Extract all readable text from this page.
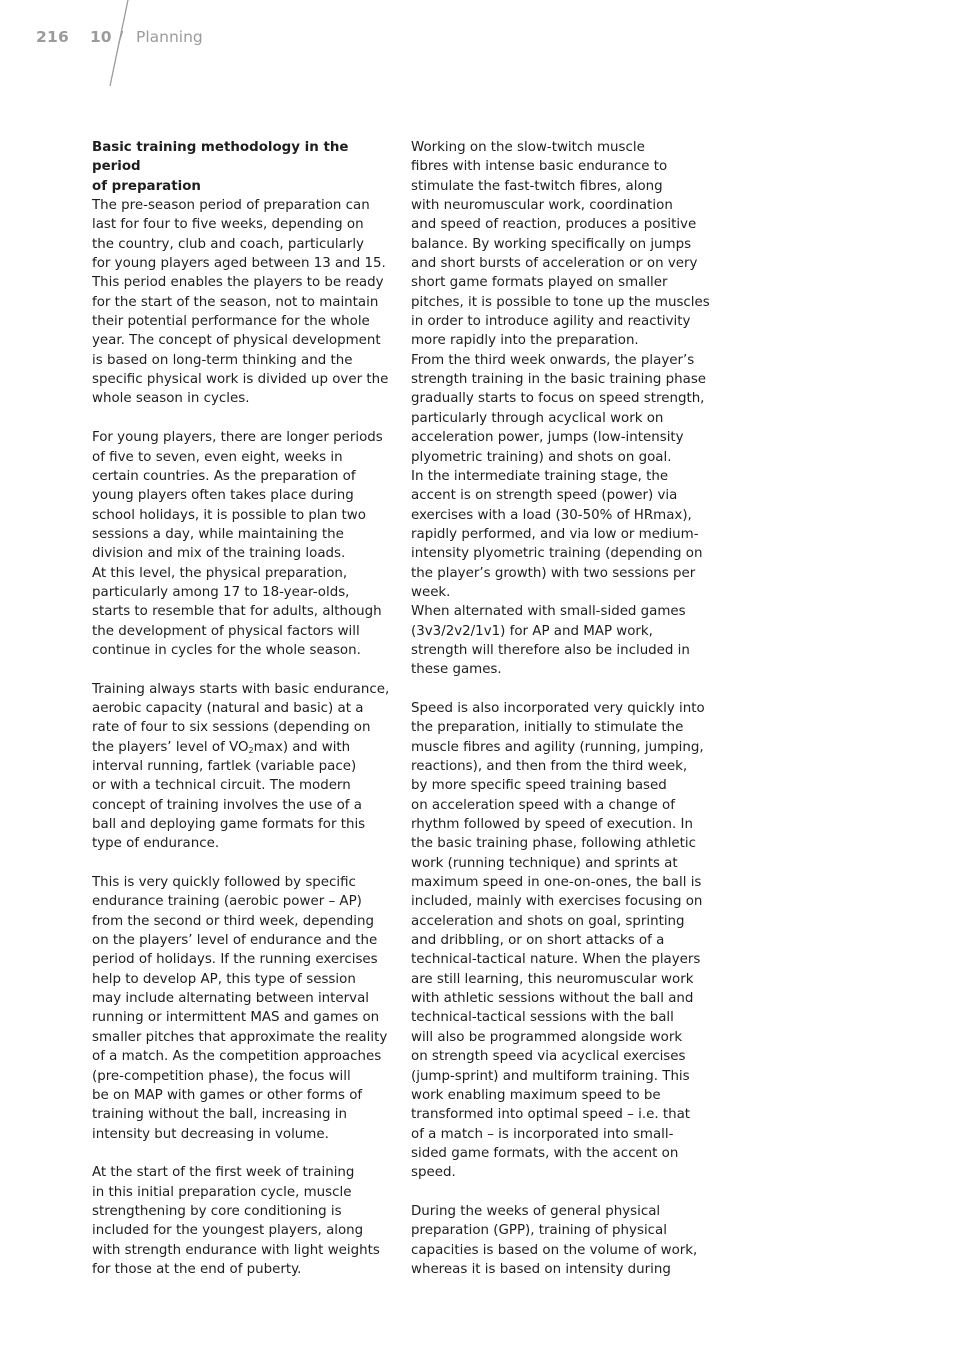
216 10 / Planning

Basic training methodology in the period
of preparation

The pre-season period of preparation can
last for four to five weeks, depending on
the country, club and coach, particularly
for young players aged between 13 and 15.
This period enables the players to be ready
for the start of the season, not to maintain
their potential performance for the whole
year. The concept of physical development
is based on long-term thinking and the
specific physical work is divided up over the
whole season in cycles.

For young players, there are longer periods
of five to seven, even eight, weeks in
certain countries. As the preparation of
young players often takes place during
school holidays, it is possible to plan two
sessions a day, while maintaining the
division and mix of the training loads.

At this level, the physical preparation,
particularly among 17 to 18-year-olds,
starts to resemble that for adults, although
the development of physical factors will
continue in cycles for the whole season.

Training always starts with basic endurance,
aerobic capacity (natural and basic) at a
rate of four to six sessions (depending on
the players’ level of $VO_2\max$) and with
interval running, fartlek (variable pace)
or with a technical circuit. The modern
concept of training involves the use of a
ball and deploying game formats for this
type of endurance.

This is very quickly followed by specific
endurance training (aerobic power – AP)
from the second or third week, depending
on the players’ level of endurance and the
period of holidays. If the running exercises
help to develop AP, this type of session
may include alternating between interval
running or intermittent MAS and games on
smaller pitches that approximate the reality
of a match. As the competition approaches
(pre-competition phase), the focus will
be on MAP with games or other forms of
training without the ball, increasing in
intensity but decreasing in volume.

At the start of the first week of training
in this initial preparation cycle, muscle
strengthening by core conditioning is
included for the youngest players, along
with strength endurance with light weights
for those at the end of puberty.

Working on the slow-twitch muscle
fibres with intense basic endurance to
stimulate the fast-twitch fibres, along
with neuromuscular work, coordination
and speed of reaction, produces a positive
balance. By working specifically on jumps
and short bursts of acceleration or on very
short game formats played on smaller
pitches, it is possible to tone up the muscles
in order to introduce agility and reactivity
more rapidly into the preparation.

From the third week onwards, the player’s
strength training in the basic training phase
gradually starts to focus on speed strength,
particularly through acyclical work on
acceleration power, jumps (low-intensity
plyometric training) and shots on goal.

In the intermediate training stage, the
accent is on strength speed (power) via
exercises with a load (30-50% of HRmax),
rapidly performed, and via low or medium-
intensity plyometric training (depending on
the player’s growth) with two sessions per
week.

When alternated with small-sided games
(3v3/2v2/1v1) for AP and MAP work,
strength will therefore also be included in
these games.

Speed is also incorporated very quickly into
the preparation, initially to stimulate the
muscle fibres and agility (running, jumping,
reactions), and then from the third week,
by more specific speed training based
on acceleration speed with a change of
rhythm followed by speed of execution. In
the basic training phase, following athletic
work (running technique) and sprints at
maximum speed in one-on-ones, the ball is
included, mainly with exercises focusing on
acceleration and shots on goal, sprinting
and dribbling, or on short attacks of a
technical-tactical nature. When the players
are still learning, this neuromuscular work
with athletic sessions without the ball and
technical-tactical sessions with the ball
will also be programmed alongside work
on strength speed via acyclical exercises
(jump-sprint) and multiform training. This
work enabling maximum speed to be
transformed into optimal speed – i.e. that
of a match – is incorporated into small-
sided game formats, with the accent on
speed.

During the weeks of general physical
preparation (GPP), training of physical
capacities is based on the volume of work,
whereas it is based on intensity during
